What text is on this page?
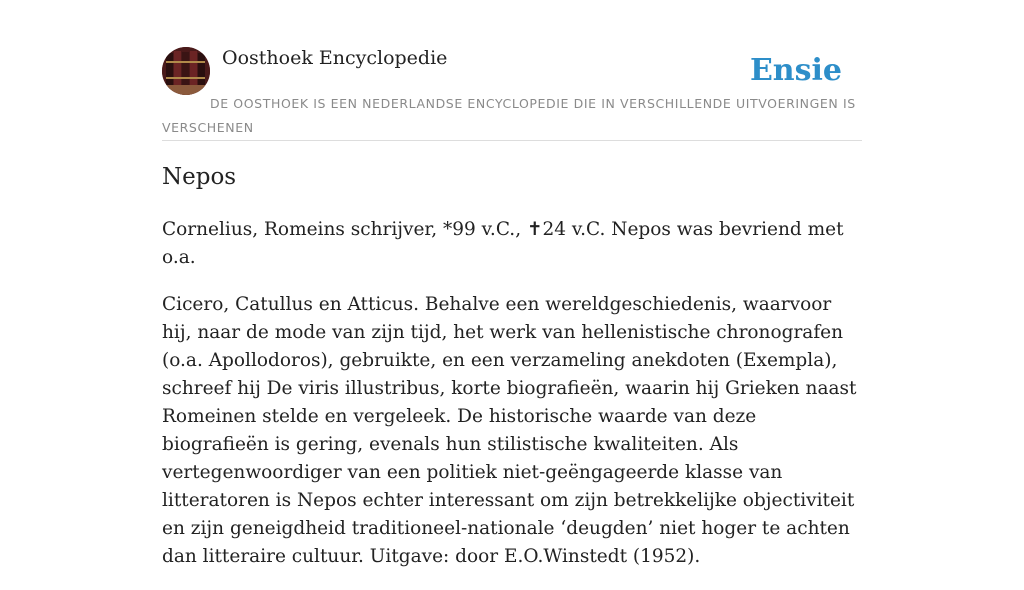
Oosthoek Encyclopedie	Ensie
DE OOSTHOEK IS EEN NEDERLANDSE ENCYCLOPEDIE DIE IN VERSCHILLENDE UITVOERINGEN IS VERSCHENEN
Nepos

Cornelius, Romeins schrijver, *99 v.C., ✝24 v.C. Nepos was bevriend met o.a.

Cicero, Catullus en Atticus. Behalve een wereldgeschiedenis, waarvoor hij, naar de mode van zijn tijd, het werk van hellenistische chronografen (o.a. Apollodoros), gebruikte, en een verzameling anekdoten (Exempla), schreef hij De viris illustribus, korte biografieën, waarin hij Grieken naast Romeinen stelde en vergeleek. De historische waarde van deze biografieën is gering, evenals hun stilistische kwaliteiten. Als vertegenwoordiger van een politiek niet-geëngageerde klasse van litteratoren is Nepos echter interessant om zijn betrekkelijke objectiviteit en zijn geneigdheid traditioneel-nationale ‘deugden’ niet hoger te achten dan litteraire cultuur. Uitgave: door E.O.Winstedt (1952).
